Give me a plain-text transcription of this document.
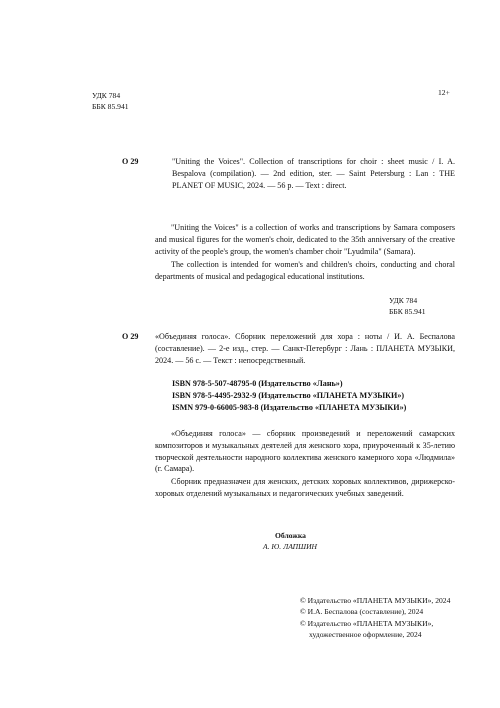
УДК 784
ББК 85.941
12+
O 29	"Uniting the Voices". Collection of transcriptions for choir : sheet music / I. A. Bespalova (compilation). — 2nd edition, ster. — Saint Petersburg : Lan : THE PLANET OF MUSIC, 2024. — 56 p. — Text : direct.
"Uniting the Voices" is a collection of works and transcriptions by Samara composers and musical figures for the women's choir, dedicated to the 35th anniversary of the creative activity of the people's group, the women's chamber choir "Lyudmila" (Samara).
The collection is intended for women's and children's choirs, conducting and choral departments of musical and pedagogical educational institutions.
УДК 784
ББК 85.941
О 29 «Объединяя голоса». Сборник переложений для хора : ноты / И. А. Беспалова (составление). — 2-е изд., стер. — Санкт-Петербург : Лань : ПЛАНЕТА МУЗЫКИ, 2024. — 56 с. — Текст : непосредственный.
ISBN 978-5-507-48795-0 (Издательство «Лань»)
ISBN 978-5-4495-2932-9 (Издательство «ПЛАНЕТА МУЗЫКИ»)
ISMN 979-0-66005-983-8 (Издательство «ПЛАНЕТА МУЗЫКИ»)
«Объединяя голоса» — сборник произведений и переложений самарских композиторов и музыкальных деятелей для женского хора, приуроченный к 35-летию творческой деятельности народного коллектива женского камерного хора «Людмила» (г. Самара).
Сборник предназначен для женских, детских хоровых коллективов, дирижерско-хоровых отделений музыкальных и педагогических учебных заведений.
Обложка
А. Ю. ЛАПШИН
© Издательство «ПЛАНЕТА МУЗЫКИ», 2024
© И.А. Беспалова (составление), 2024
© Издательство «ПЛАНЕТА МУЗЫКИ»,
художественное оформление, 2024
